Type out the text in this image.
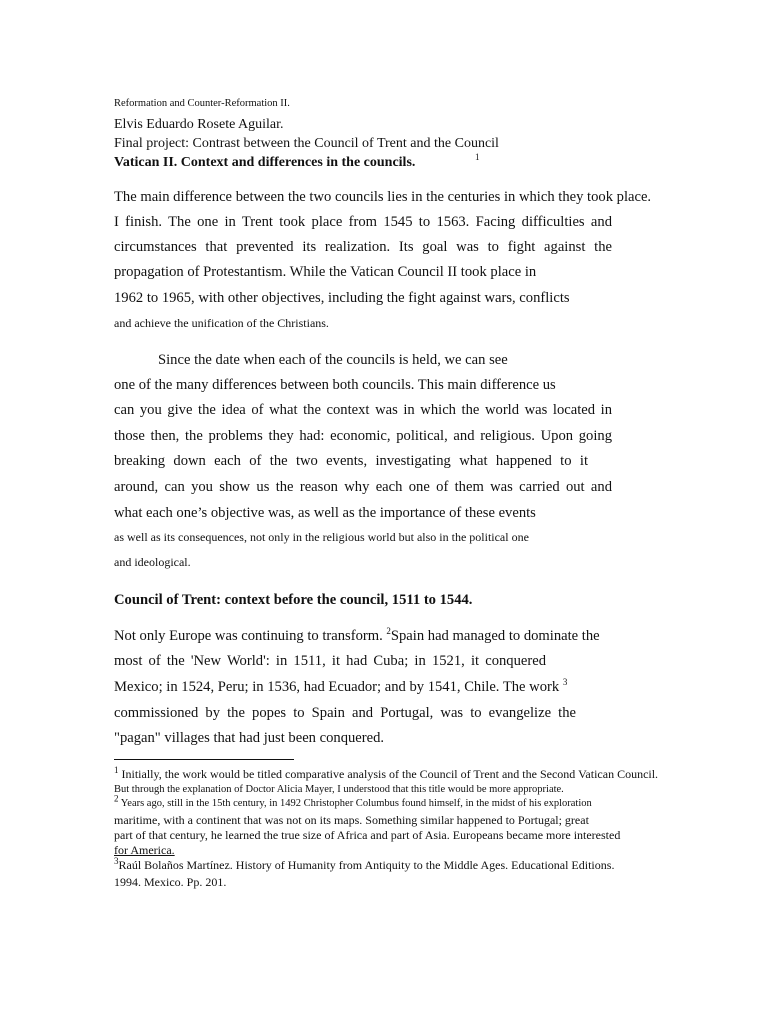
Reformation and Counter-Reformation II.
Elvis Eduardo Rosete Aguilar.
Final project: Contrast between the Council of Trent and the Council
Vatican II. Context and differences in the councils.	1
The main difference between the two councils lies in the centuries in which they took place.
I finish. The one in Trent took place from 1545 to 1563. Facing difficulties and
circumstances that prevented its realization. Its goal was to fight against the
propagation of Protestantism. While the Vatican Council II took place in
1962 to 1965, with other objectives, including the fight against wars, conflicts
and achieve the unification of the Christians.
Since the date when each of the councils is held, we can see
one of the many differences between both councils. This main difference us
can you give the idea of what the context was in which the world was located in
those then, the problems they had: economic, political, and religious. Upon going
breaking down each of the two events, investigating what happened to it
around, can you show us the reason why each one of them was carried out and
what each one’s objective was, as well as the importance of these events
as well as its consequences, not only in the religious world but also in the political one
and ideological.
Council of Trent: context before the council, 1511 to 1544.
Not only Europe was continuing to transform. $^2$Spain had managed to dominate the
most of the 'New World': in 1511, it had Cuba; in 1521, it conquered
Mexico; in 1524, Peru; in 1536, had Ecuador; and by 1541, Chile. The work $^3$
commissioned by the popes to Spain and Portugal, was to evangelize the
"pagan" villages that had just been conquered.
$^1$ Initially, the work would be titled comparative analysis of the Council of Trent and the Second Vatican Council.
But through the explanation of Doctor Alicia Mayer, I understood that this title would be more appropriate.
$^2$ Years ago, still in the 15th century, in 1492 Christopher Columbus found himself, in the midst of his exploration
maritime, with a continent that was not on its maps. Something similar happened to Portugal; great
part of that century, he learned the true size of Africa and part of Asia. Europeans became more interested
for America.
$^3$Raúl Bolaños Martínez. History of Humanity from Antiquity to the Middle Ages. Educational Editions.
1994. Mexico. Pp. 201.
